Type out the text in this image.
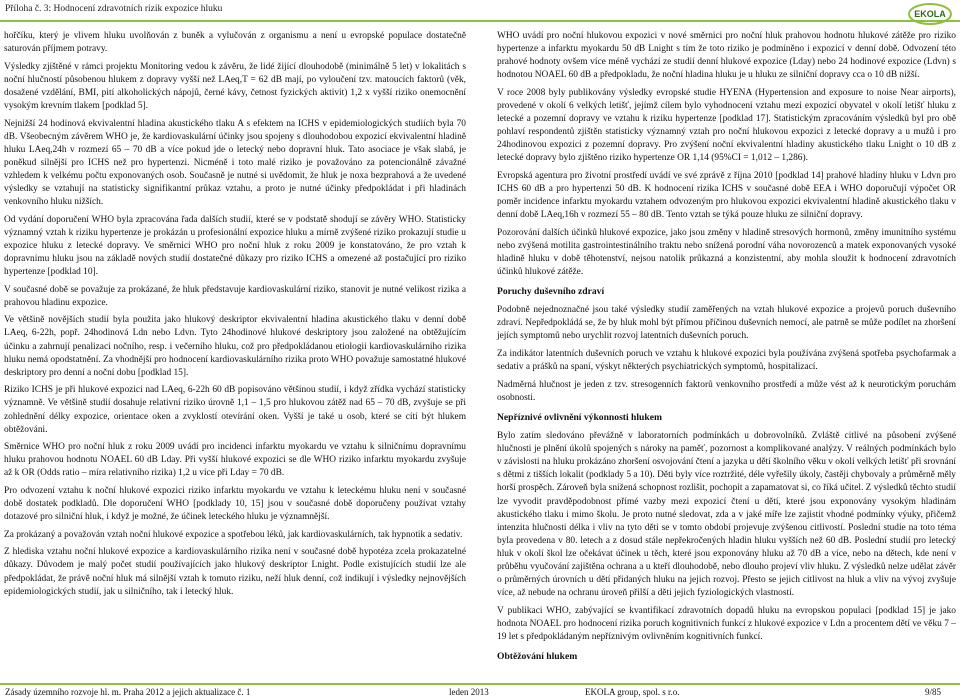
Příloha č. 3: Hodnocení zdravotních rizik expozice hluku	EKOLA

hořčíku, který je vlivem hluku uvolňován z buněk a vylučován z organismu a není u evropské populace dostatečně saturován příjmem potravy.

Výsledky zjištěné v rámci projektu Monitoring vedou k závěru, že lidé žijící dlouhodobě (minimálně 5 let) v lokalitách s noční hlučností působenou hlukem z dopravy vyšší než LAeq,T = 62 dB mají, po vyloučení tzv. matoucích faktorů (věk, dosažené vzdělání, BMI, pití alkoholických nápojů, černé kávy, četnost fyzických aktivit) 1,2 x vyšší riziko onemocnění vysokým krevním tlakem [podklad 5].

Nejnižší 24 hodinová ekvivalentní hladina akustického tlaku A s efektem na ICHS v epidemiologických studiích byla 70 dB. Všeobecným závěrem WHO je, že kardiovaskulární účinky jsou spojeny s dlouhodobou expozicí ekvivalentní hladině hluku LAeq,24h v rozmezí 65 – 70 dB a více pokud jde o letecký nebo dopravní hluk. Tato asociace je však slabá, je poněkud silnější pro ICHS než pro hypertenzi. Nicméně i toto malé riziko je považováno za potencionálně závažné vzhledem k velkému počtu exponovaných osob. Současně je nutné si uvědomit, že hluk je noxa bezprahová a že uvedené výsledky se vztahují na statisticky signifikantní průkaz vztahu, a proto je nutné účinky předpokládat i při hladinách venkovního hluku nižších.

Od vydání doporučení WHO byla zpracována řada dalších studií, které se v podstatě shodují se závěry WHO. Statisticky významný vztah k riziku hypertenze je prokázán u profesionální expozice hluku a mírně zvýšené riziko prokazují studie u expozice hluku z letecké dopravy. Ve směrnici WHO pro noční hluk z roku 2009 je konstatováno, že pro vztah k dopravnímu hluku jsou na základě nových studií dostatečné důkazy pro riziko ICHS a omezené až postačující pro riziko hypertenze [podklad 10].

V současné době se považuje za prokázané, že hluk představuje kardiovaskulární riziko, stanovit je nutné velikost rizika a prahovou hladinu expozice.

Ve většině novějších studií byla použita jako hlukový deskriptor ekvivalentní hladina akustického tlaku v denní době LAeq, 6-22h, popř. 24hodinová Ldn nebo Ldvn. Tyto 24hodinové hlukové deskriptory jsou založené na obtěžujícím účinku a zahrnují penalizaci nočního, resp. i večerního hluku, což pro předpokládanou etiologii kardiovaskulárního rizika hluku nemá opodstatnění. Za vhodnější pro hodnocení kardiovaskulárního rizika proto WHO považuje samostatné hlukové deskriptory pro denní a noční dobu [podklad 15].

Riziko ICHS je při hlukové expozici nad LAeq, 6-22h 60 dB popisováno většinou studií, i když zřídka vychází statisticky významně. Ve většině studií dosahuje relativní riziko úrovně 1,1 – 1,5 pro hlukovou zátěž nad 65 – 70 dB, zvyšuje se při zohlednění délky expozice, orientace oken a zvyklostí otevírání oken. Vyšší je také u osob, které se cítí být hlukem obtěžováni.

Směrnice WHO pro noční hluk z roku 2009 uvádí pro incidenci infarktu myokardu ve vztahu k silničnímu dopravnímu hluku prahovou hodnotu NOAEL 60 dB Lday. Při vyšší hlukové expozici se dle WHO riziko infarktu myokardu zvyšuje až k OR (Odds ratio – míra relativního rizika) 1,2 u více při Lday = 70 dB.

Pro odvození vztahu k noční hlukové expozici riziko infarktu myokardu ve vztahu k leteckému hluku není v současné době dostatek podkladů. Dle doporučení WHO [podklady 10, 15] jsou v současné době doporučeny používat vztahy dotazové pro silniční hluk, i když je možné, že účinek leteckého hluku je významnější.

Za prokázaný a považován vztah noční hlukové expozice a spotřebou léků, jak kardiovaskulárních, tak hypnotik a sedativ.

Z hlediska vztahu noční hlukové expozice a kardiovaskulárního rizika není v současné době hypotéza zcela prokazatelné důkazy. Důvodem je malý počet studií používajících jako hlukový deskriptor Lnight. Podle existujících studií lze ale předpokládat, že právě noční hluk má silnější vztah k tomuto riziku, neží hluk denní, což indikují i výsledky nejnovějších epidemiologických studií, jak u silničního, tak i letecký hluk.

WHO uvádí pro noční hlukovou expozici v nové směrnici pro noční hluk prahovou hodnotu hlukové zátěže pro riziko hypertenze a infarktu myokardu 50 dB Lnight s tím že toto riziko je podmíněno i expozicí v denní době. Odvození této prahové hodnoty ovšem více méně vychází ze studií denní hlukové expozice (Lday) nebo 24 hodinové expozice (Ldvn) s hodnotou NOAEL 60 dB a předpokladu, že noční hladina hluku je u hluku ze silniční dopravy cca o 10 dB nižší.

V roce 2008 byly publikovány výsledky evropské studie HYENA (Hypertension and exposure to noise Near airports), provedené v okolí 6 velkých letišť, jejímž cílem bylo vyhodnocení vztahu mezi expozicí obyvatel v okolí letišť hluku z letecké a pozemní dopravy ve vztahu k riziku hypertenze [podklad 17]. Statistickým zpracováním výsledků byl pro obě pohlaví respondentů zjištěn statisticky významný vztah pro noční hlukovou expozici z letecké dopravy a u mužů i pro 24hodinovou expozici z pozemní dopravy. Pro zvýšení noční ekvivalentní hladiny akustického tlaku Lnight o 10 dB z letecké dopravy bylo zjištěno riziko hypertenze OR 1,14 (95%CI = 1,012 – 1,286).

Evropská agentura pro životní prostředí uvádí ve své zprávě z října 2010 [podklad 14] prahové hladiny hluku v Ldvn pro ICHS 60 dB a pro hypertenzi 50 dB. K hodnocení rizika ICHS v současné době EEA i WHO doporučují výpočet OR poměr incidence infarktu myokardu vztahem odvozeným pro hlukovou expozici ekvivalentní hladině akustického tlaku v denní době LAeq,16h v rozmezí 55 – 80 dB. Tento vztah se týká pouze hluku ze silniční dopravy.

Pozorování dalších účinků hlukové expozice, jako jsou změny v hladině stresových hormonů, změny imunitního systému nebo zvýšená motilita gastrointestinálního traktu nebo snížená porodní váha novorozenců a matek exponovaných vysoké hladině hluku v době těhotenství, nejsou natolik průkazná a konzistentní, aby mohla sloužit k hodnocení zdravotních účinků hlukové zátěže.

Poruchy duševního zdraví

Podobně nejednoznačné jsou také výsledky studií zaměřených na vztah hlukové expozice a projevů poruch duševního zdraví. Nepředpokládá se, že by hluk mohl být přímou příčinou duševních nemocí, ale patrně se může podílet na zhoršení jejích symptomů nebo urychlit rozvoj latentních duševních poruch.

Za indikátor latentních duševních poruch ve vztahu k hlukové expozici byla používána zvýšená spotřeba psychofarmak a sedativ a prášků na spaní, výskyt některých psychiatrických symptomů, hospitalizací.

Nadměrná hlučnost je jeden z tzv. stresogenních faktorů venkovního prostředí a může vést až k neurotickým poruchám osobnosti.

Nepříznivé ovlivnění výkonnosti hlukem

Bylo zatím sledováno převážně v laboratorních podmínkách u dobrovolníků. Zvláště citlivé na působení zvýšené hlučnosti je plnění úkolů spojených s nároky na paměť, pozornost a komplikované analýzy. V reálných podmínkách bylo v závislosti na hluku prokázáno zhoršení osvojování čtení a jazyka u dětí školního věku v okolí velkých letišť při srovnání s dětmi z tišších lokalit (podklady 5 a 10). Děti byly více roztržité, déle vyřešily úkoly, častěji chybovaly a průměrně měly horší prospěch. Zároveň byla snížená schopnost rozlišit, pochopit a zapamatovat si, co říká učitel. Z výsledků těchto studií lze vyvodit pravděpodobnost přímé vazby mezi expozicí čtení u dětí, které jsou exponovány vysokým hladinám akustického tlaku i mimo školu. Je proto nutné sledovat, zda a v jaké míře lze zajistit vhodné podmínky výuky, přičemž intenzita hlučnosti délka i vliv na tyto děti se v tomto období projevuje zvýšenou citlivostí. Poslední studie na toto téma byla provedena v 80. letech a z dosud stále nepřekročených hladin hluku vyšších než 60 dB. Poslední studií pro letecký hluk v okolí škol lze očekávat účinek u těch, které jsou exponovány hluku až 70 dB a více, nebo na dětech, kde není v průběhu vyučování zajištěna ochrana a u kteří dlouhodobě, nebo dlouho projeví vliv hluku. Z výsledků nelze udělat závěr o průměrných úrovních u dětí přidaných hluku na jejich rozvoj. Přesto se jejich citlivost na hluk a vliv na vývoj zvyšuje více, až nebude na ochranu úroveň přilší a děti jejich fyziologických vlastností.

V publikaci WHO, zabývající se kvantifikací zdravotních dopadů hluku na evropskou populaci [podklad 15] je jako hodnota NOAEL pro hodnocení rizika poruch kognitivních funkcí z hlukové expozice v Ldn a procentem dětí ve věku 7 – 19 let s předpokládaným nepříznivým ovlivněním kognitivních funkcí.

Obtěžování hlukem
Zásady územního rozvoje hl. m. Praha 2012 a jejich aktualizace č. 1	leden 2013	EKOLA group, spol. s r.o.	9/85
